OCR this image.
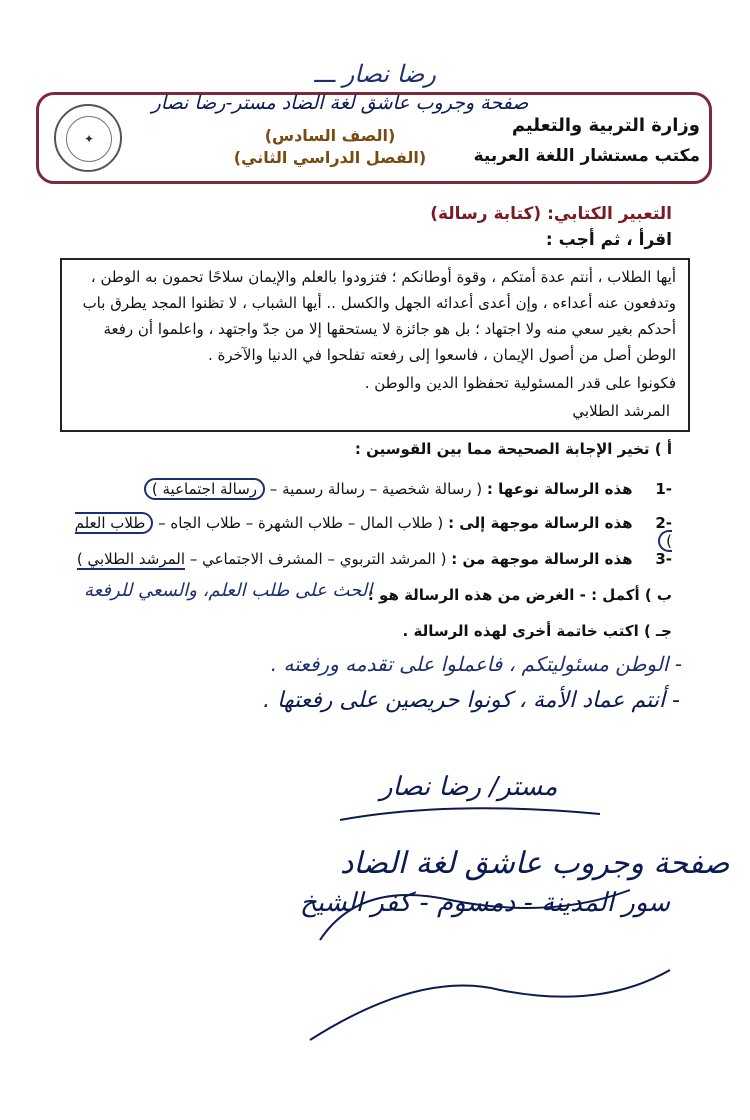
رضا نصار ـــ
صفحة وجروب عاشق لغة الضاد مستر-رضا نصار
وزارة التربية والتعليم
مكتب مستشار اللغة العربية
(الصف السادس)
(الفصل الدراسي الثاني)
✦
التعبير الكتابي: (كتابة رسالة)
اقرأ ، ثم أجب :
أيها الطلاب ، أنتم عدة أمتكم ، وقوة أوطانكم ؛ فتزودوا بالعلم والإيمان سلاحًا تحمون به الوطن ،
وتدفعون عنه أعداءه ، وإن أعدى أعدائه الجهل والكسل .. أيها الشباب ، لا تظنوا المجد يطرق باب
أحدكم بغير سعي منه ولا اجتهاد ؛ بل هو جائزة لا يستحقها إلا من جدّ واجتهد ، واعلموا أن رفعة
الوطن أصل من أصول الإيمان ، فاسعوا إلى رفعته تفلحوا في الدنيا والآخرة .
فكونوا على قدر المسئولية تحفظوا الدين والوطن .
المرشد الطلابي
أ ) تخير الإجابة الصحيحة مما بين القوسين :
-1 هذه الرسالة نوعها : ( رسالة شخصية – رسالة رسمية – رسالة اجتماعية )
-2 هذه الرسالة موجهة إلى : ( طلاب المال – طلاب الشهرة – طلاب الجاه – طلاب العلم )
-3 هذه الرسالة موجهة من : ( المرشد التربوي – المشرف الاجتماعي – المرشد الطلابي )
ب ) أكمل : - الغرض من هذه الرسالة هو :
الحث على طلب العلم، والسعي للرفعة
جـ ) اكتب خاتمة أخرى لهذه الرسالة .
- الوطن مسئوليتكم ، فاعملوا على تقدمه ورفعته .
- أنتم عماد الأمة ، كونوا حريصين على رفعتها .
مستر/ رضا نصار
صفحة وجروب عاشق لغة الضاد
سور المدينة - دمسوم - كفر الشيخ
